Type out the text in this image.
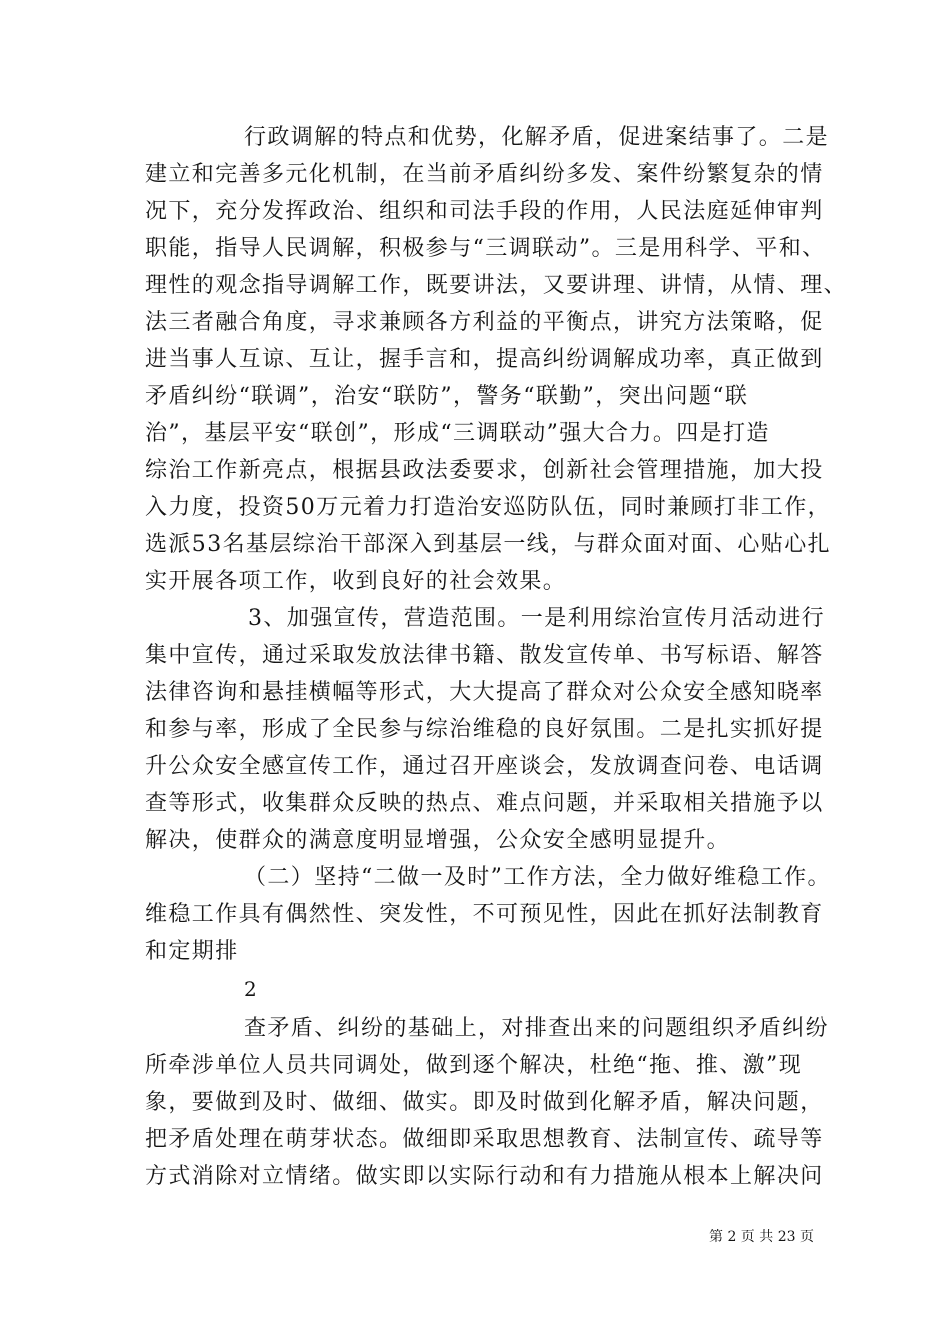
行政调解的特点和优势，化解矛盾，促进案结事了。二是
建立和完善多元化机制，在当前矛盾纠纷多发、案件纷繁复杂的情
况下，充分发挥政治、组织和司法手段的作用，人民法庭延伸审判
职能，指导人民调解，积极参与“三调联动”。三是用科学、平和、
理性的观念指导调解工作，既要讲法，又要讲理、讲情，从情、理、
法三者融合角度，寻求兼顾各方利益的平衡点，讲究方法策略，促
进当事人互谅、互让，握手言和，提高纠纷调解成功率，真正做到
矛盾纠纷“联调”，治安“联防”，警务“联勤”，突出问题“联
治”，基层平安“联创”，形成“三调联动”强大合力。四是打造
综治工作新亮点，根据县政法委要求，创新社会管理措施，加大投
入力度，投资50万元着力打造治安巡防队伍，同时兼顾打非工作，
选派53名基层综治干部深入到基层一线，与群众面对面、心贴心扎
实开展各项工作，收到良好的社会效果。
3、加强宣传，营造范围。一是利用综治宣传月活动进行
集中宣传，通过采取发放法律书籍、散发宣传单、书写标语、解答
法律咨询和悬挂横幅等形式，大大提高了群众对公众安全感知晓率
和参与率，形成了全民参与综治维稳的良好氛围。二是扎实抓好提
升公众安全感宣传工作，通过召开座谈会，发放调查问卷、电话调
查等形式，收集群众反映的热点、难点问题，并采取相关措施予以
解决，使群众的满意度明显增强，公众安全感明显提升。
（二）坚持“二做一及时”工作方法，全力做好维稳工作。
维稳工作具有偶然性、突发性，不可预见性，因此在抓好法制教育
和定期排
2
查矛盾、纠纷的基础上，对排查出来的问题组织矛盾纠纷
所牵涉单位人员共同调处，做到逐个解决，杜绝“拖、推、激”现
象，要做到及时、做细、做实。即及时做到化解矛盾，解决问题，
把矛盾处理在萌芽状态。做细即采取思想教育、法制宣传、疏导等
方式消除对立情绪。做实即以实际行动和有力措施从根本上解决问
第 2 页 共 23 页
